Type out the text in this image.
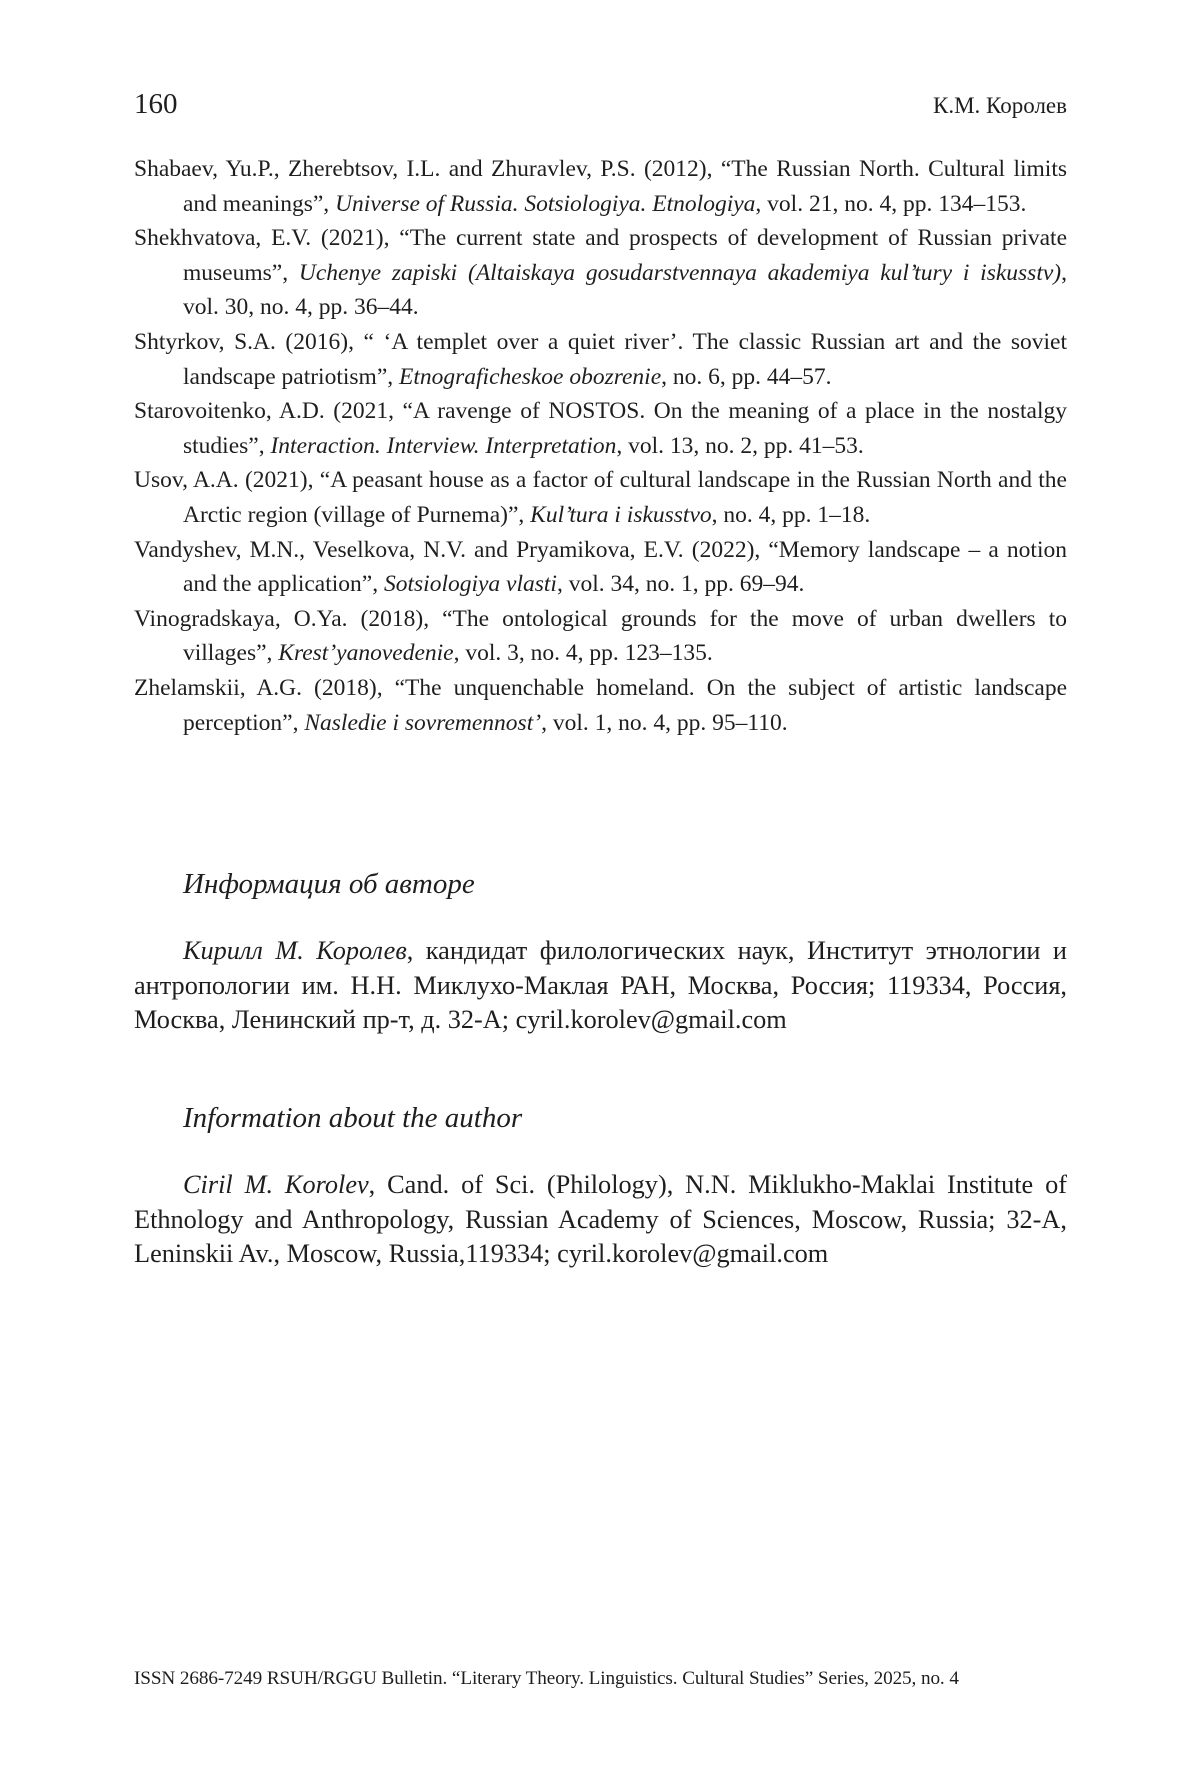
160	К.М. Королев

Shabaev, Yu.P., Zherebtsov, I.L. and Zhuravlev, P.S. (2012), “The Russian North. Cultural limits and meanings”, Universe of Russia. Sotsiologiya. Etnologiya, vol. 21, no. 4, pp. 134–153.

Shekhvatova, E.V. (2021), “The current state and prospects of development of Russian private museums”, Uchenye zapiski (Altaiskaya gosudarstvennaya akademiya kul’tury i iskusstv), vol. 30, no. 4, pp. 36–44.

Shtyrkov, S.A. (2016), “ ‘A templet over a quiet river’. The classic Russian art and the soviet landscape patriotism”, Etnograficheskoe obozrenie, no. 6, pp. 44–57.

Starovoitenko, A.D. (2021, “A ravenge of NOSTOS. On the meaning of a place in the nostalgy studies”, Interaction. Interview. Interpretation, vol. 13, no. 2, pp. 41–53.

Usov, A.A. (2021), “A peasant house as a factor of cultural landscape in the Russian North and the Arctic region (village of Purnema)”, Kul’tura i iskusstvo, no. 4, pp. 1–18.

Vandyshev, M.N., Veselkova, N.V. and Pryamikova, E.V. (2022), “Memory landscape – a notion and the application”, Sotsiologiya vlasti, vol. 34, no. 1, pp. 69–94.

Vinogradskaya, O.Ya. (2018), “The ontological grounds for the move of urban dwellers to villages”, Krest’yanovedenie, vol. 3, no. 4, pp. 123–135.

Zhelamskii, A.G. (2018), “The unquenchable homeland. On the subject of artistic landscape perception”, Nasledie i sovremennost’, vol. 1, no. 4, pp. 95–110.

Информация об авторе

Кирилл М. Королев, кандидат филологических наук, Институт этнологии и антропологии им. Н.Н. Миклухо-Маклая РАН, Москва, Россия; 119334, Россия, Москва, Ленинский пр-т, д. 32-А; cyril.korolev@gmail.com

Information about the author

Ciril M. Korolev, Cand. of Sci. (Philology), N.N. Miklukho-Maklai Institute of Ethnology and Anthropology, Russian Academy of Sciences, Moscow, Russia; 32-A, Leninskii Av., Moscow, Russia,119334; cyril.korolev@gmail.com

ISSN 2686-7249 RSUH/RGGU Bulletin. “Literary Theory. Linguistics. Cultural Studies” Series, 2025, no. 4
